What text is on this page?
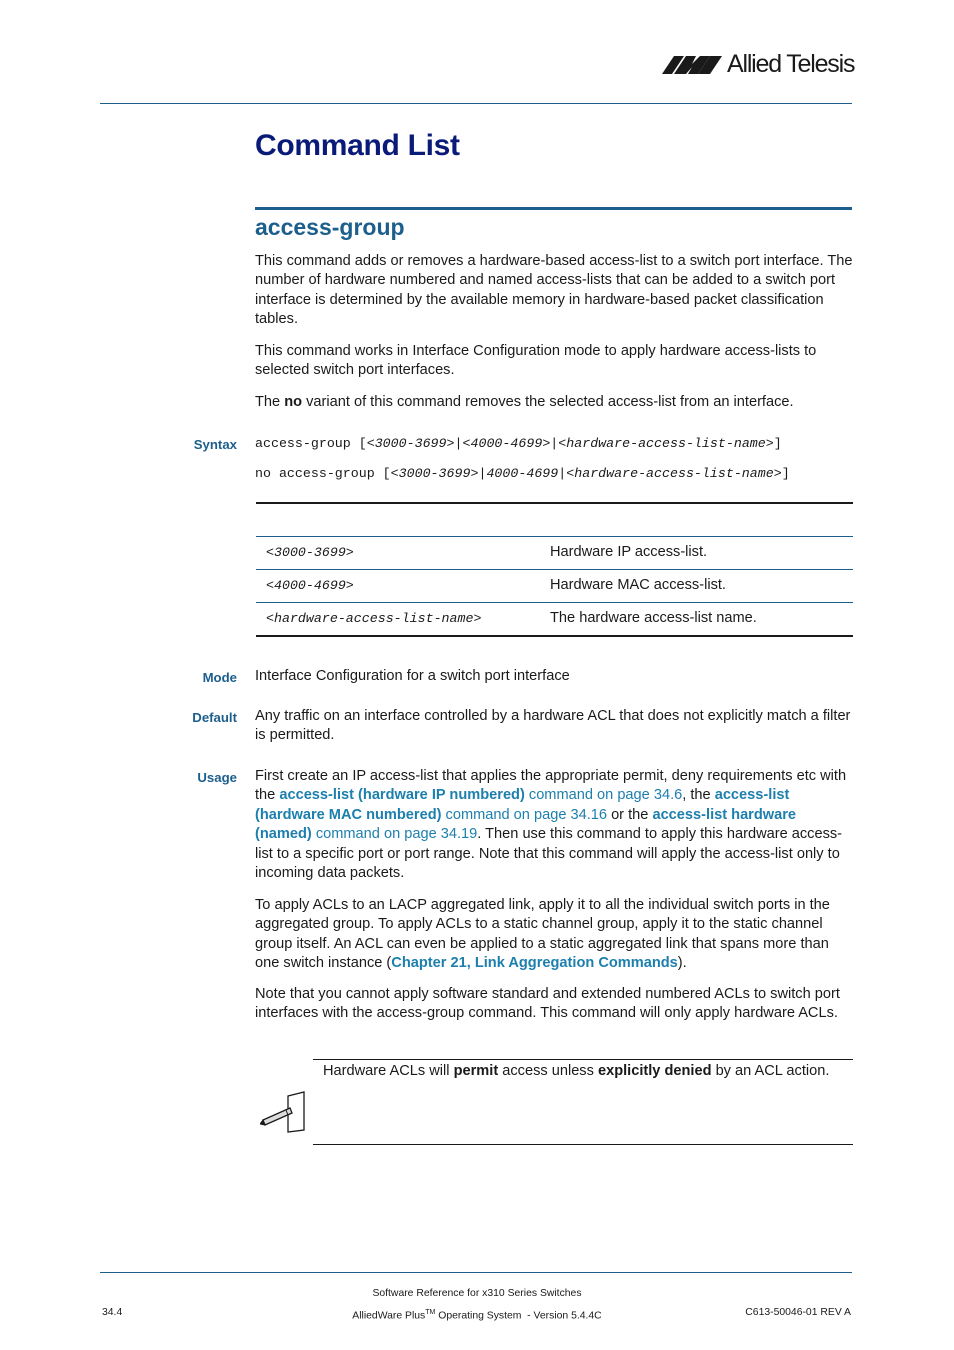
Allied Telesis
Command List
access-group
This command adds or removes a hardware-based access-list to a switch port interface. The number of hardware numbered and named access-lists that can be added to a switch port interface is determined by the available memory in hardware-based packet classification tables.
This command works in Interface Configuration mode to apply hardware access-lists to selected switch port interfaces.
The no variant of this command removes the selected access-list from an interface.
Syntax access-group [<3000-3699>|<4000-4699>|<hardware-access-list-name>]
no access-group [<3000-3699>|4000-4699|<hardware-access-list-name>]

<3000-3699>	Hardware IP access-list.
<4000-4699>	Hardware MAC access-list.
<hardware-access-list-name>	The hardware access-list name.
Mode Interface Configuration for a switch port interface
Default Any traffic on an interface controlled by a hardware ACL that does not explicitly match a filter is permitted.
Usage First create an IP access-list that applies the appropriate permit, deny requirements etc with the access-list (hardware IP numbered) command on page 34.6, the access-list (hardware MAC numbered) command on page 34.16 or the access-list hardware (named) command on page 34.19. Then use this command to apply this hardware access-list to a specific port or port range. Note that this command will apply the access-list only to incoming data packets.
To apply ACLs to an LACP aggregated link, apply it to all the individual switch ports in the aggregated group. To apply ACLs to a static channel group, apply it to the static channel group itself. An ACL can even be applied to a static aggregated link that spans more than one switch instance (Chapter 21, Link Aggregation Commands).
Note that you cannot apply software standard and extended numbered ACLs to switch port interfaces with the access-group command. This command will only apply hardware ACLs.
Hardware ACLs will permit access unless explicitly denied by an ACL action.
Software Reference for x310 Series Switches
AlliedWare Plus™ Operating System  - Version 5.4.4C
34.4	C613-50046-01 REV A
